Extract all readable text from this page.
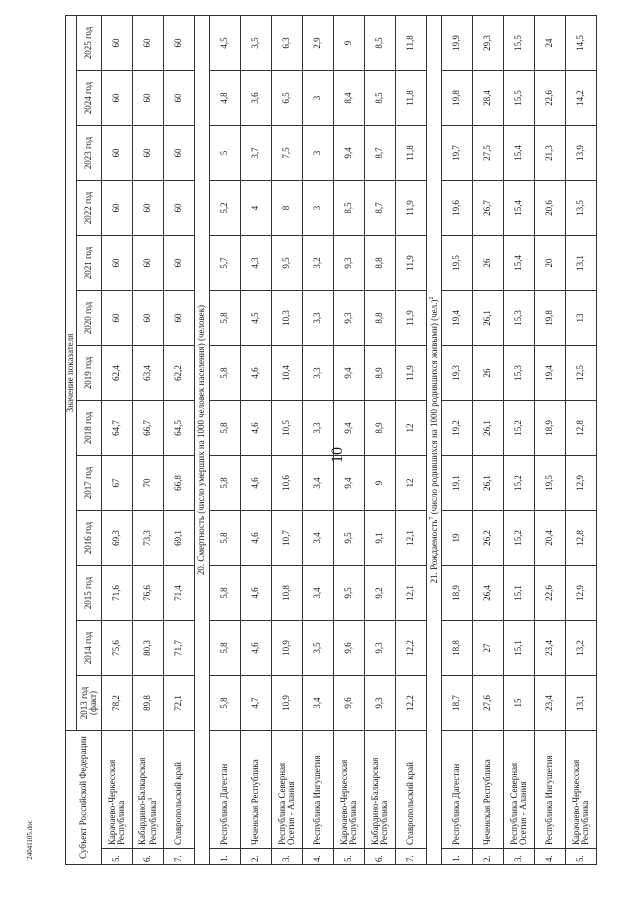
10
24041105.doc	Субъект Российской Федерации		Значение показателя												
		2013 год (факт)	2014 год	2015 год	2016 год	2017 год	2018 год	2019 год	2020 год	2021 год	2022 год	2023 год	2024 год	2025 год
5.	Карачаево-Черкесская Республика	78,2	75,6	71,6	69,3	67	64,7	62,4	60	60	60	60	60	60
6.	Кабардино-Балкарская Республика$^3$	89,8	80,3	76,6	73,3	70	66,7	63,4	60	60	60	60	60	60
7.	Ставропольский край	72,1	71,7	71,4	69,1	66,8	64,5	62,2	60	60	60	60	60	60
20. Смертность (число умерших на 1000 человек населения) (человек)														
1.	Республика Дагестан	5,8	5,8	5,8	5,8	5,8	5,8	5,8	5,8	5,7	5,2	5	4,8	4,5
2.	Чеченская Республика	4,7	4,6	4,6	4,6	4,6	4,6	4,6	4,5	4,3	4	3,7	3,6	3,5
3.	Республика Северная Осетия - Алания	10,9	10,9	10,8	10,7	10,6	10,5	10,4	10,3	9,5	8	7,5	6,5	6,3
4.	Республика Ингушетия	3,4	3,5	3,4	3,4	3,4	3,3	3,3	3,3	3,2	3	3	3	2,9
5.	Карачаево-Черкесская Республика	9,6	9,6	9,5	9,5	9,4	9,4	9,4	9,3	9,3	8,5	9,4	8,4	9
6.	Кабардино-Балкарская Республика	9,3	9,3	9,2	9,1	9	8,9	8,9	8,8	8,8	8,7	8,7	8,5	8,5
7.	Ставропольский край	12,2	12,2	12,1	12,1	12	12	11,9	11,9	11,9	11,9	11,8	11,8	11,8
21. Рождаемость$^7$ (число родившихся на 1000 родившихся живыми) $(чел.)^2$
1.	Республика Дагестан	18,7	18,8	18,9	19	19,1	19,2	19,3	19,4	19,5	19,6	19,7	19,8	19,9
2.	Чеченская Республика	27,6	27	26,4	26,2	26,1	26,1	26	26,1	26	26,7	27,5	28,4	29,3
3.	Республика Северная Осетия - Алания	15	15,1	15,1	15,2	15,2	15,2	15,3	15,3	15,4	15,4	15,4	15,5	15,5
4.	Республика Ингушетия	23,4	23,4	22,6	20,4	19,5	18,9	19,4	19,8	20	20,6	21,3	22,6	24
5.	Карачаево-Черкесская Республика	13,1	13,2	12,9	12,8	12,9	12,8	12,5	13	13,1	13,5	13,9	14,2	14,5
